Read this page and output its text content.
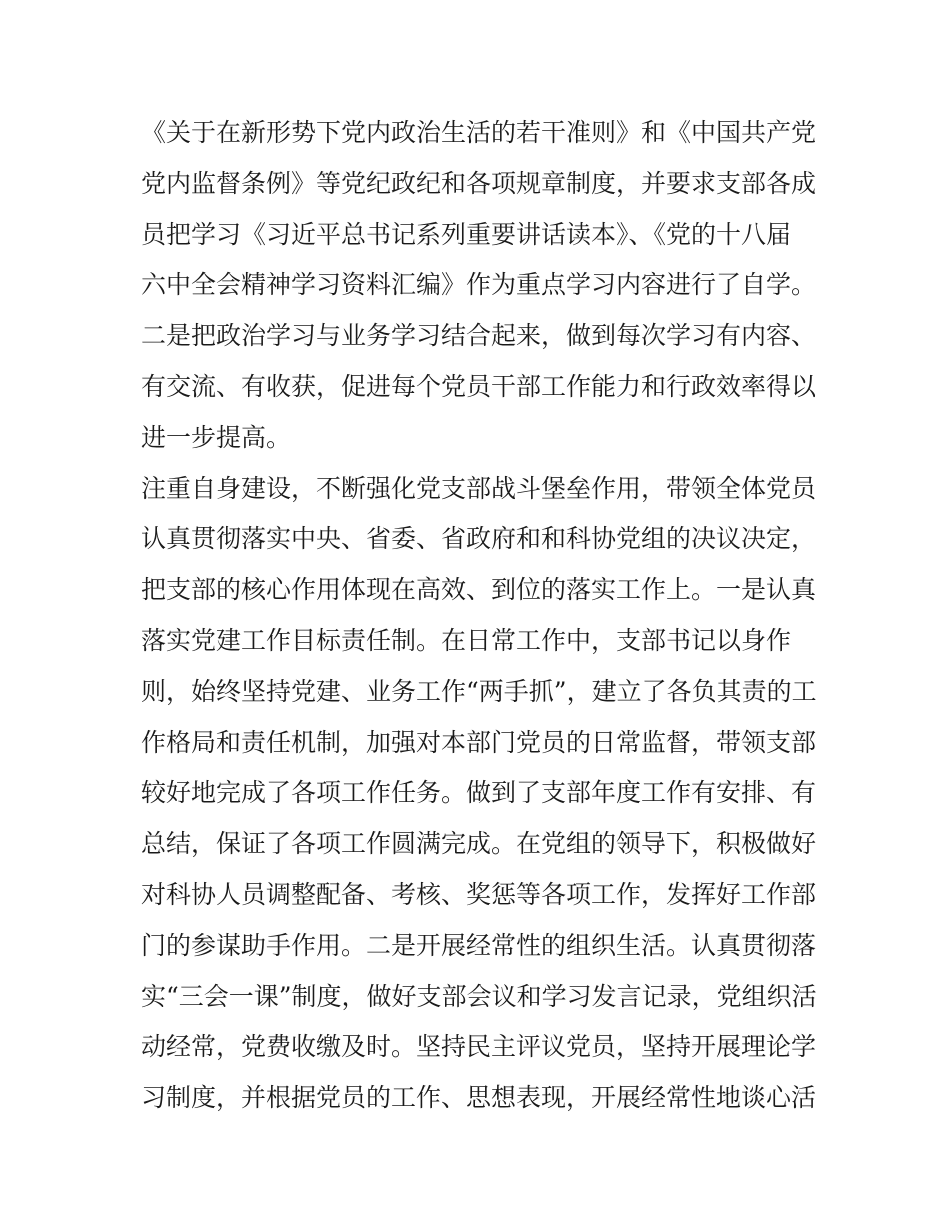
《关于在新形势下党内政治生活的若干准则》和《中国共产党
党内监督条例》等党纪政纪和各项规章制度，并要求支部各成
员把学习《习近平总书记系列重要讲话读本》、《党的十八届
六中全会精神学习资料汇编》作为重点学习内容进行了自学。
二是把政治学习与业务学习结合起来，做到每次学习有内容、
有交流、有收获，促进每个党员干部工作能力和行政效率得以
进一步提高。
注重自身建设，不断强化党支部战斗堡垒作用，带领全体党员
认真贯彻落实中央、省委、省政府和和科协党组的决议决定，
把支部的核心作用体现在高效、到位的落实工作上。一是认真
落实党建工作目标责任制。在日常工作中，支部书记以身作
则，始终坚持党建、业务工作“两手抓”，建立了各负其责的工
作格局和责任机制，加强对本部门党员的日常监督，带领支部
较好地完成了各项工作任务。做到了支部年度工作有安排、有
总结，保证了各项工作圆满完成。在党组的领导下，积极做好
对科协人员调整配备、考核、奖惩等各项工作，发挥好工作部
门的参谋助手作用。二是开展经常性的组织生活。认真贯彻落
实“三会一课”制度，做好支部会议和学习发言记录，党组织活
动经常，党费收缴及时。坚持民主评议党员，坚持开展理论学
习制度，并根据党员的工作、思想表现，开展经常性地谈心活
